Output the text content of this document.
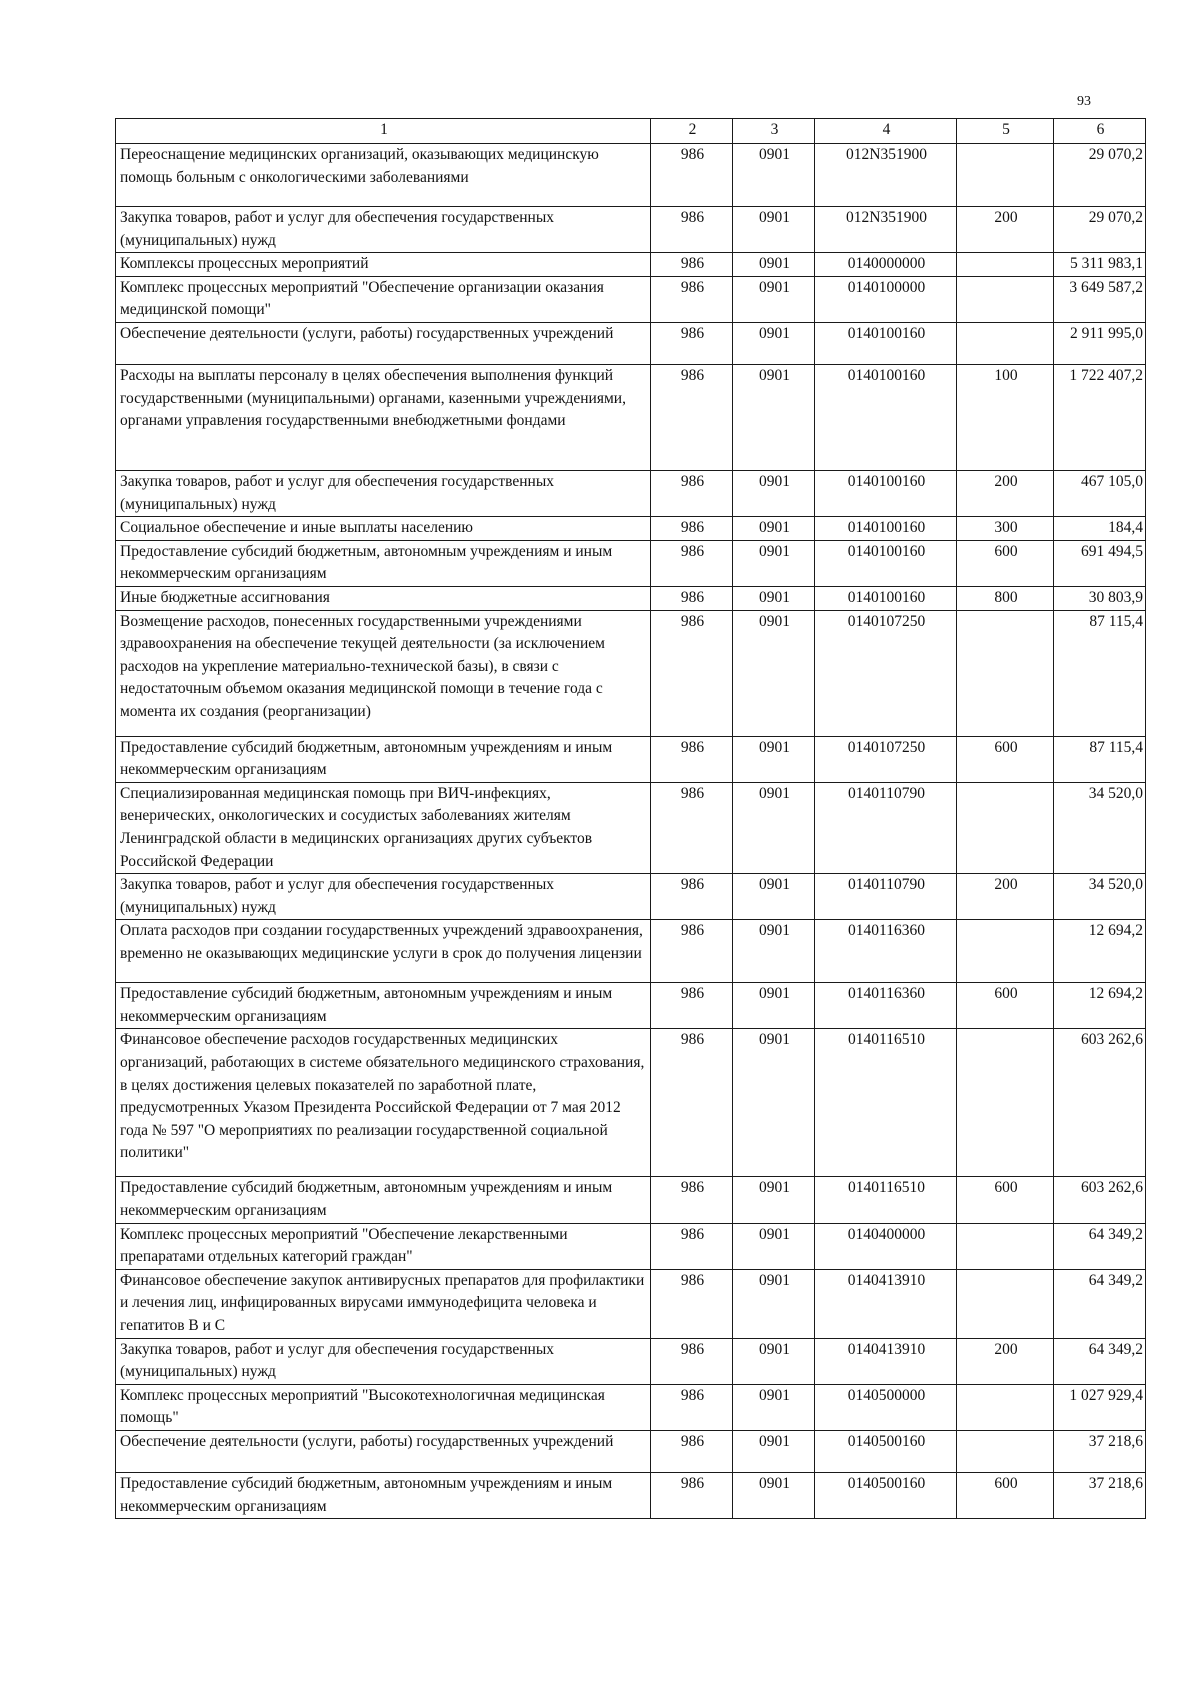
93
1	2	3	4	5	6
Переоснащение медицинских организаций, оказывающих медицинскую помощь больным с онкологическими заболеваниями	986	0901	012N351900		29 070,2
Закупка товаров, работ и услуг для обеспечения государственных (муниципальных) нужд	986	0901	012N351900	200	29 070,2
Комплексы процессных мероприятий	986	0901	0140000000		5 311 983,1
Комплекс процессных мероприятий "Обеспечение организации оказания медицинской помощи"	986	0901	0140100000		3 649 587,2
Обеспечение деятельности (услуги, работы) государственных учреждений	986	0901	0140100160		2 911 995,0
Расходы на выплаты персоналу в целях обеспечения выполнения функций государственными (муниципальными) органами, казенными учреждениями, органами управления государственными внебюджетными фондами	986	0901	0140100160	100	1 722 407,2
Закупка товаров, работ и услуг для обеспечения государственных (муниципальных) нужд	986	0901	0140100160	200	467 105,0
Социальное обеспечение и иные выплаты населению	986	0901	0140100160	300	184,4
Предоставление субсидий бюджетным, автономным учреждениям и иным некоммерческим организациям	986	0901	0140100160	600	691 494,5
Иные бюджетные ассигнования	986	0901	0140100160	800	30 803,9
Возмещение расходов, понесенных государственными учреждениями здравоохранения на обеспечение текущей деятельности (за исключением расходов на укрепление материально-технической базы), в связи с недостаточным объемом оказания медицинской помощи в течение года с момента их создания (реорганизации)	986	0901	0140107250		87 115,4
Предоставление субсидий бюджетным, автономным учреждениям и иным некоммерческим организациям	986	0901	0140107250	600	87 115,4
Специализированная медицинская помощь при ВИЧ-инфекциях, венерических, онкологических и сосудистых заболеваниях жителям Ленинградской области в медицинских организациях других субъектов Российской Федерации	986	0901	0140110790		34 520,0
Закупка товаров, работ и услуг для обеспечения государственных (муниципальных) нужд	986	0901	0140110790	200	34 520,0
Оплата расходов при создании государственных учреждений здравоохранения, временно не оказывающих медицинские услуги в срок до получения лицензии	986	0901	0140116360		12 694,2
Предоставление субсидий бюджетным, автономным учреждениям и иным некоммерческим организациям	986	0901	0140116360	600	12 694,2
Финансовое обеспечение расходов государственных медицинских организаций, работающих в системе обязательного медицинского страхования, в целях достижения целевых показателей по заработной плате, предусмотренных Указом Президента Российской Федерации от 7 мая 2012 года № 597 "О мероприятиях по реализации государственной социальной политики"	986	0901	0140116510		603 262,6
Предоставление субсидий бюджетным, автономным учреждениям и иным некоммерческим организациям	986	0901	0140116510	600	603 262,6
Комплекс процессных мероприятий "Обеспечение лекарственными препаратами отдельных категорий граждан"	986	0901	0140400000		64 349,2
Финансовое обеспечение закупок антивирусных препаратов для профилактики и лечения лиц, инфицированных вирусами иммунодефицита человека и гепатитов В и С	986	0901	0140413910		64 349,2
Закупка товаров, работ и услуг для обеспечения государственных (муниципальных) нужд	986	0901	0140413910	200	64 349,2
Комплекс процессных мероприятий "Высокотехнологичная медицинская помощь"	986	0901	0140500000		1 027 929,4
Обеспечение деятельности (услуги, работы) государственных учреждений	986	0901	0140500160		37 218,6
Предоставление субсидий бюджетным, автономным учреждениям и иным некоммерческим организациям	986	0901	0140500160	600	37 218,6
